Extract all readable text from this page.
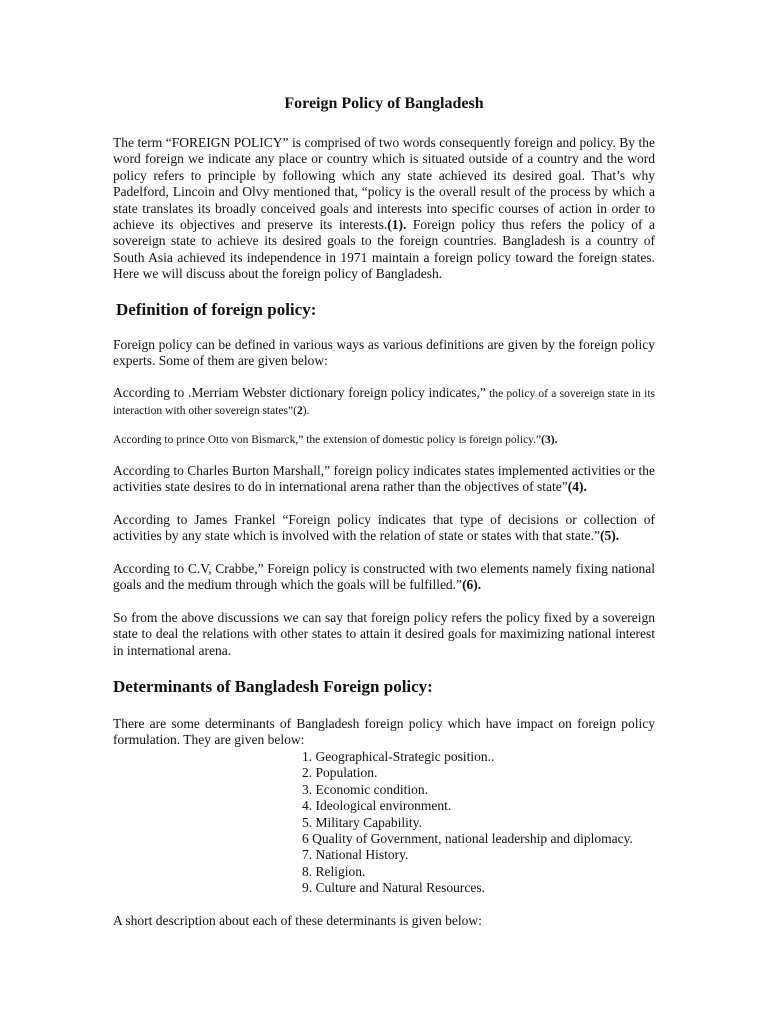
Foreign Policy of Bangladesh

The term “FOREIGN POLICY” is comprised of two words consequently foreign and policy. By the word foreign we indicate any place or country which is situated outside of a country and the word policy refers to principle by following which any state achieved its desired goal. That’s why Padelford, Lincoin and Olvy mentioned that, “policy is the overall result of the process by which a state translates its broadly conceived goals and interests into specific courses of action in order to achieve its objectives and preserve its interests.(1). Foreign policy thus refers the policy of a sovereign state to achieve its desired goals to the foreign countries. Bangladesh is a country of South Asia achieved its independence in 1971 maintain a foreign policy toward the foreign states. Here we will discuss about the foreign policy of Bangladesh.

Definition of foreign policy:

Foreign policy can be defined in various ways as various definitions are given by the foreign policy experts. Some of them are given below:

According to .Merriam Webster dictionary foreign policy indicates,” the policy of a sovereign state in its interaction with other sovereign states”(2).

According to prince Otto von Bismarck,” the extension of domestic policy is foreign policy.”(3).

According to Charles Burton Marshall,” foreign policy indicates states implemented activities or the activities state desires to do in international arena rather than the objectives of state”(4).

According to James Frankel “Foreign policy indicates that type of decisions or collection of activities by any state which is involved with the relation of state or states with that state.”(5).

According to C.V, Crabbe,” Foreign policy is constructed with two elements namely fixing national goals and the medium through which the goals will be fulfilled.”(6).

So from the above discussions we can say that foreign policy refers the policy fixed by a sovereign state to deal the relations with other states to attain it desired goals for maximizing national interest in international arena.

Determinants of Bangladesh Foreign policy:

There are some determinants of Bangladesh foreign policy which have impact on foreign policy formulation. They are given below:

1. Geographical-Strategic position..
2. Population.
3. Economic condition.
4. Ideological environment.
5. Military Capability.
6 Quality of Government, national leadership and diplomacy.
7. National History.
8. Religion.
9. Culture and Natural Resources.

A short description about each of these determinants is given below:
